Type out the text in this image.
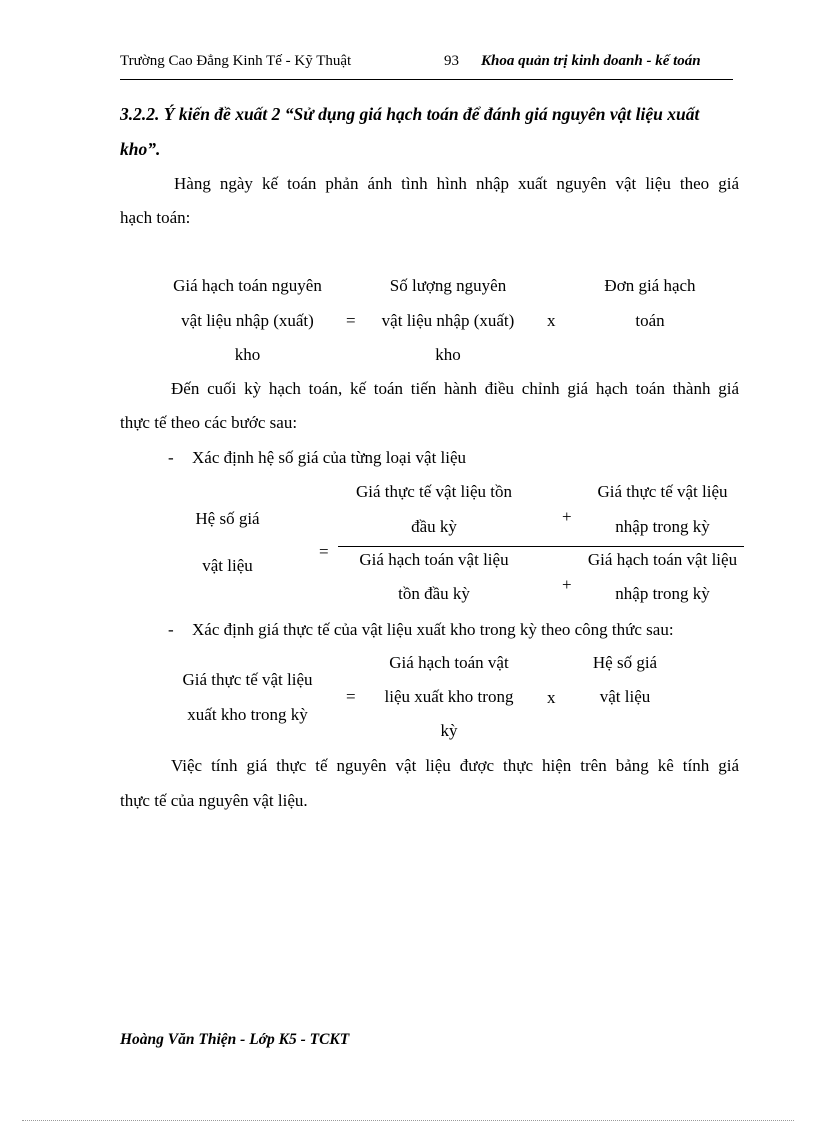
Trường Cao Đẳng Kinh Tế - Kỹ Thuật	93 Khoa quản trị kinh doanh - kế toán
3.2.2. Ý kiến đề xuất 2 “Sử dụng giá hạch toán để đánh giá nguyên vật liệu xuất
kho”.
Hàng ngày kế toán phản ánh tình hình nhập xuất nguyên vật liệu theo giá
hạch toán:
Giá hạch toán nguyên
vật liệu nhập (xuất)
kho
=
Số lượng nguyên
vật liệu nhập (xuất)
kho
x
Đơn giá hạch
toán
Đến cuối kỳ hạch toán, kế toán tiến hành điều chỉnh giá hạch toán thành giá
thực tế theo các bước sau:
- Xác định hệ số giá của từng loại vật liệu
Hệ số giá
vật liệu
=
Giá thực tế vật liệu tồn
đầu kỳ
+
Giá thực tế vật liệu
nhập trong kỳ
Giá hạch toán vật liệu
tồn đầu kỳ	+
Giá hạch toán vật liệu
nhập trong kỳ
- Xác định giá thực tế của vật liệu xuất kho trong kỳ theo công thức sau:
Giá thực tế vật liệu
xuất kho trong kỳ
=
Giá hạch toán vật
liệu xuất kho trong
kỳ
x
Hệ số giá
vật liệu
Việc tính giá thực tế nguyên vật liệu được thực hiện trên bảng kê tính giá
thực tế của nguyên vật liệu.
Hoàng Văn Thiện - Lớp K5 - TCKT
